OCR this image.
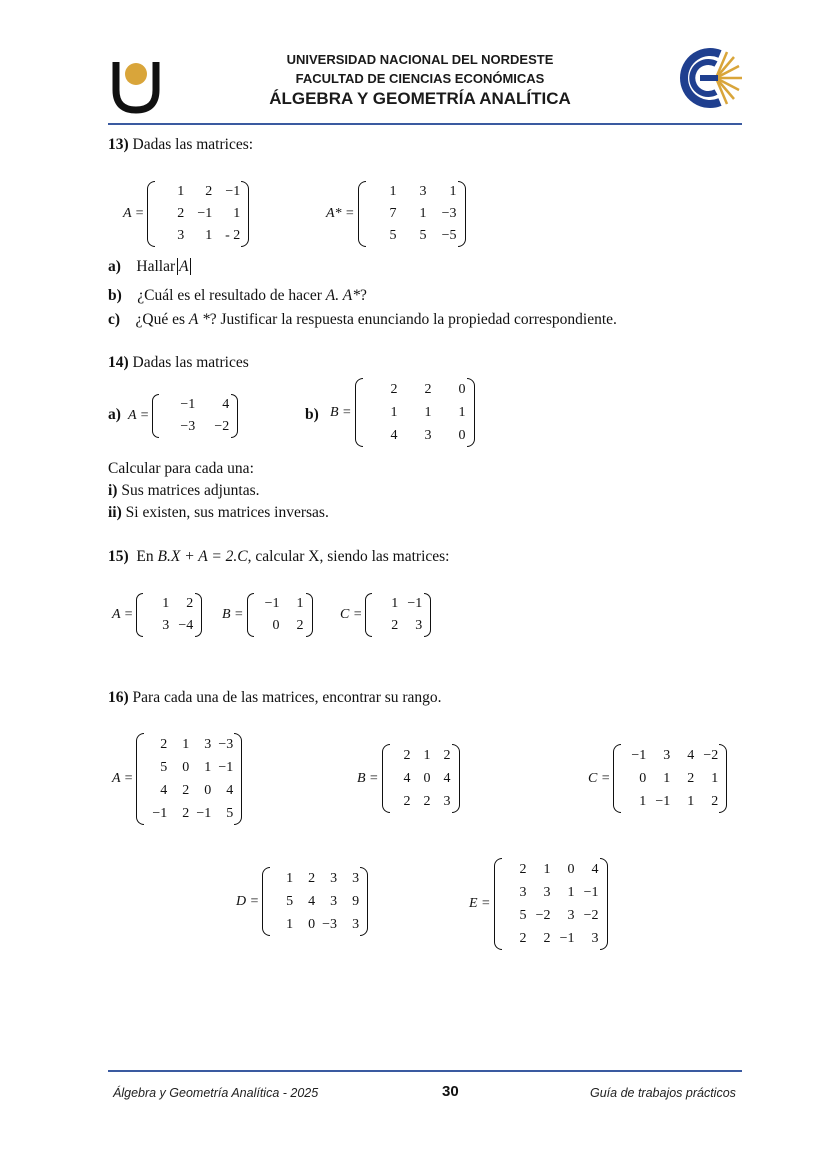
UNIVERSIDAD NACIONAL DEL NORDESTE
FACULTAD DE CIENCIAS ECONÓMICAS
ÁLGEBRA Y GEOMETRÍA ANALÍTICA
13) Dadas las matrices:
A =
1	2 −1
2 −1	1
3	1 - 2
A* =
1	3	1
7	1	−3
5	5	−5
a) Hallar A
b) ¿Cuál es el resultado de hacer A. A*?
c) ¿Qué es A *? Justificar la respuesta enunciando la propiedad correspondiente.
14) Dadas las matrices
a) A =
−1	4
−3	−2
b) B =
2	2	0
1	1	1
4	3	0
Calcular para cada una:
i) Sus matrices adjuntas.
ii) Si existen, sus matrices inversas.
15) En B.X + A = 2.C, calcular X, siendo las matrices:
A =
1	2
3 −4
B =
−1	1
0	2
C =
1 −1
2	3
16) Para cada una de las matrices, encontrar su rango.
A =
2	1	3 −3
5	0	1 −1
4	2	0	4
−1	2 −1	5
B =
2 1 2
4 0 4
2 2 3
C =
−1	3	4 −2
0	1	2	1
1 −1	1	2
D =
1	2	3	3
5	4	3	9
1	0 −3	3
E =
2	1	0	4
3	3	1 −1
5 −2	3 −2
2	2 −1	3
Álgebra y Geometría Analítica - 2025	30	Guía de trabajos prácticos
